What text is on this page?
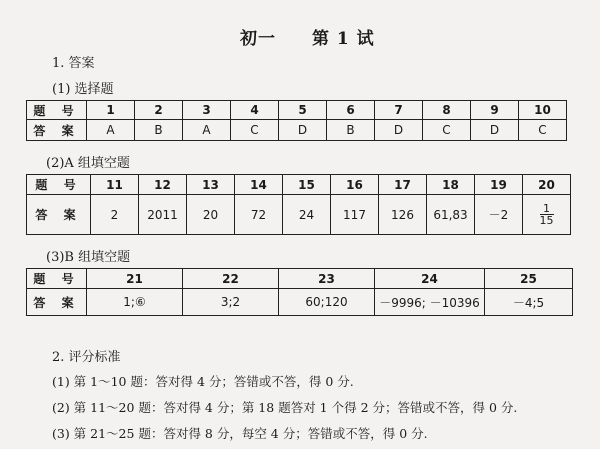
初一 第 1 试
1. 答案
(1) 选择题
题 号	1	2	3	4	5	6	7	8	9	10
答 案	A	B	A	C	D	B	D	C	D	C
(2)A 组填空题
题 号	11	12	13	14	15	16	17	18	19	20
答 案	2	2011	20	72	24	117	126	61,83	－2	$\frac{1}{15}$
(3)B 组填空题
题 号	21	22	23	24	25
答 案	1;⑥	3;2	60;120	－9996; －10396	－4;5
2. 评分标准
(1) 第 1～10 题：答对得 4 分；答错或不答，得 0 分.
(2) 第 11～20 题：答对得 4 分；第 18 题答对 1 个得 2 分；答错或不答，得 0 分.
(3) 第 21～25 题：答对得 8 分，每空 4 分；答错或不答，得 0 分.
